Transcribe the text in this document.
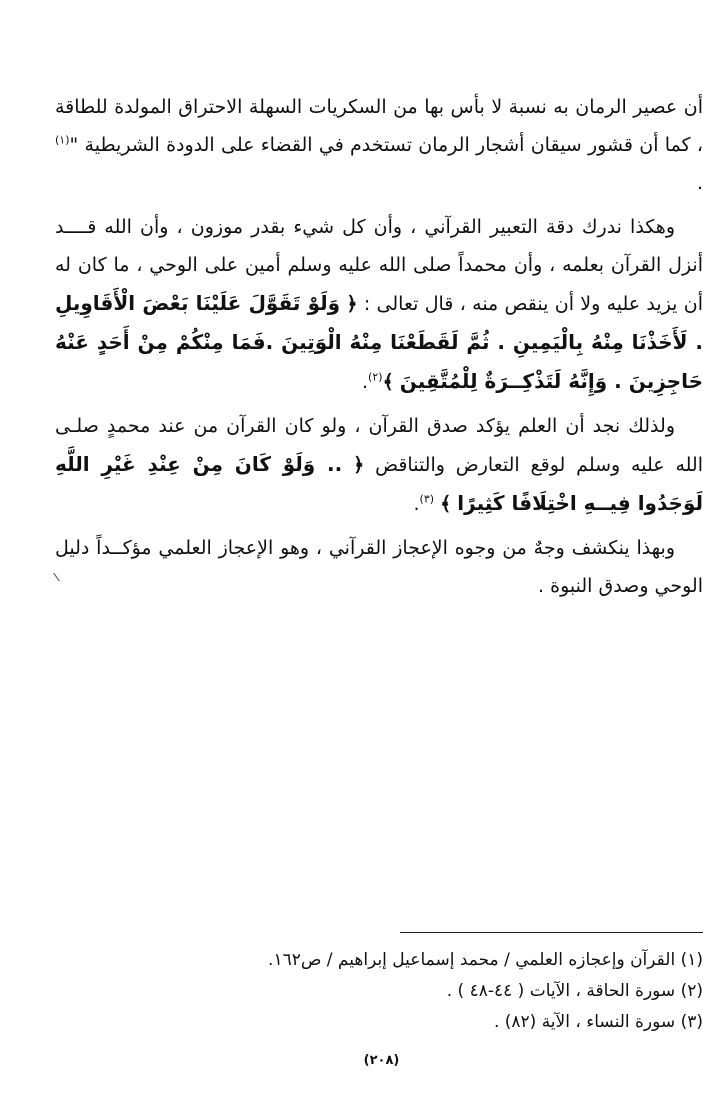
أن عصير الرمان به نسبة لا بأس بها من السكريات السهلة الاحتراق المولدة للطاقة ، كما أن قشور سيقان أشجار الرمان تستخدم في القضاء على الدودة الشريطية "$^{(١)}$ .

وهكذا ندرك دقة التعبير القرآني ، وأن كل شيء بقدر موزون ، وأن الله قــــد أنزل القرآن بعلمه ، وأن محمداً صلى الله عليه وسلم أمين على الوحي ، ما كان له أن يزيد عليه ولا أن ينقص منه ، قال تعالى : ﴿ وَلَوْ تَقَوَّلَ عَلَيْنَا بَعْضَ الْأَقَاوِيلِ . لَأَخَذْنَا مِنْهُ بِالْيَمِينِ . ثُمَّ لَقَطَعْنَا مِنْهُ الْوَتِينَ .فَمَا مِنْكُمْ مِنْ أَحَدٍ عَنْهُ حَاجِزِينَ . وَإِنَّهُ لَتَذْكِــرَةٌ لِلْمُتَّقِينَ ﴾$^{(٢)}$.

ولذلك نجد أن العلم يؤكد صدق القرآن ، ولو كان القرآن من عند محمدٍ صلـى الله عليه وسلم لوقع التعارض والتناقض ﴿ .. وَلَوْ كَانَ مِنْ عِنْدِ غَيْرِ اللَّهِ لَوَجَدُوا فِيــهِ اخْتِلَافًا كَثِيرًا ﴾ $^{(٣)}$.

وبهذا ينكشف وجهٌ من وجوه الإعجاز القرآني ، وهو الإعجاز العلمي مؤكــداً دليل الوحي وصدق النبوة .

(١) القرآن وإعجازه العلمي / محمد إسماعيل إبراهيم / ص١٦٢.

(٢) سورة الحاقة ، الآيات ( ٤٤-٤٨ ) .

(٣) سورة النساء ، الآية (٨٢) .

(٢٠٨)
